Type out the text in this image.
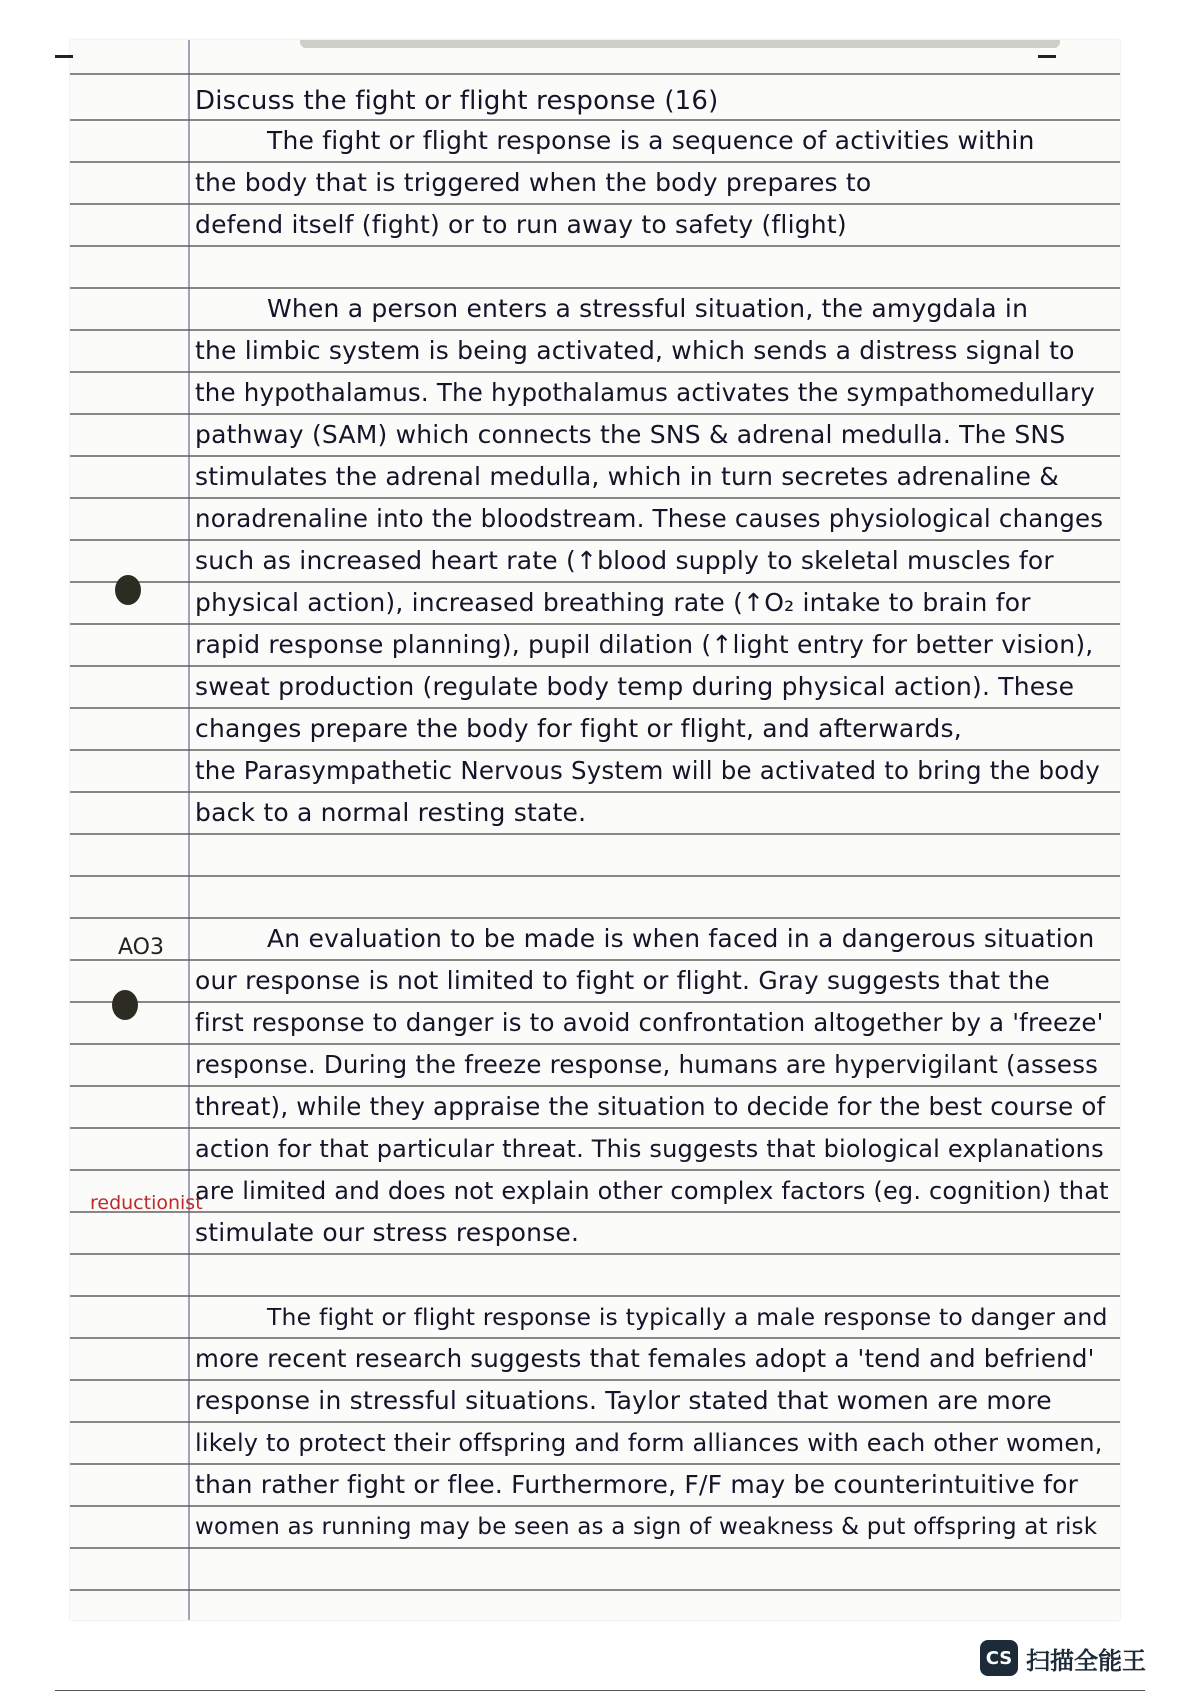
AO3
reductionist
Discuss the fight or flight response (16)
The fight or flight response is a sequence of activities within
the body that is triggered when the body prepares to
defend itself (fight) or to run away to safety (flight)
When a person enters a stressful situation, the amygdala in
the limbic system is being activated, which sends a distress signal to
the hypothalamus. The hypothalamus activates the sympathomedullary
pathway (SAM) which connects the SNS & adrenal medulla. The SNS
stimulates the adrenal medulla, which in turn secretes adrenaline &
noradrenaline into the bloodstream. These causes physiological changes
such as increased heart rate (↑blood supply to skeletal muscles for
physical action), increased breathing rate (↑O₂ intake to brain for
rapid response planning), pupil dilation (↑light entry for better vision),
sweat production (regulate body temp during physical action). These
changes prepare the body for fight or flight, and afterwards,
the Parasympathetic Nervous System will be activated to bring the body
back to a normal resting state.
An evaluation to be made is when faced in a dangerous situation
our response is not limited to fight or flight. Gray suggests that the
first response to danger is to avoid confrontation altogether by a 'freeze'
response. During the freeze response, humans are hypervigilant (assess
threat), while they appraise the situation to decide for the best course of
action for that particular threat. This suggests that biological explanations
are limited and does not explain other complex factors (eg. cognition) that
stimulate our stress response.
The fight or flight response is typically a male response to danger and
more recent research suggests that females adopt a 'tend and befriend'
response in stressful situations. Taylor stated that women are more
likely to protect their offspring and form alliances with each other women,
than rather fight or flee. Furthermore, F/F may be counterintuitive for
women as running may be seen as a sign of weakness & put offspring at risk
CS 扫描全能王
